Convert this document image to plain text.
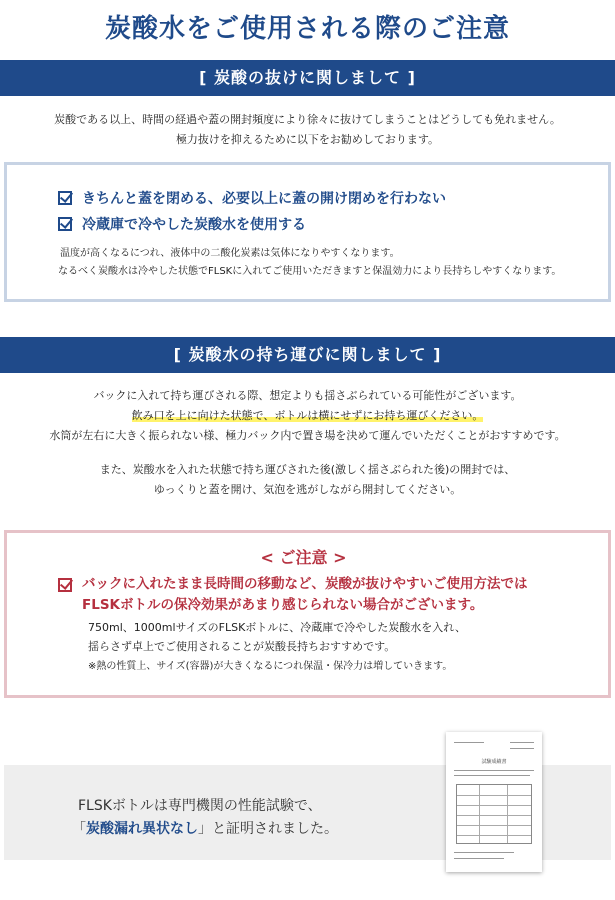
炭酸水をご使用される際のご注意
[ 炭酸の抜けに関しまして ]
炭酸である以上、時間の経過や蓋の開封頻度により徐々に抜けてしまうことはどうしても免れません。
極力抜けを抑えるために以下をお勧めしております。
きちんと蓋を閉める、必要以上に蓋の開け閉めを行わない
冷蔵庫で冷やした炭酸水を使用する
温度が高くなるにつれ、液体中の二酸化炭素は気体になりやすくなります。
なるべく炭酸水は冷やした状態でFLSKに入れてご使用いただきますと保温効力により長持ちしやすくなります。
[ 炭酸水の持ち運びに関しまして ]
バックに入れて持ち運びされる際、想定よりも揺さぶられている可能性がございます。
飲み口を上に向けた状態で、ボトルは横にせずにお持ち運びください。
水筒が左右に大きく振られない様、極力バック内で置き場を決めて運んでいただくことがおすすめです。
また、炭酸水を入れた状態で持ち運びされた後(激しく揺さぶられた後)の開封では、
ゆっくりと蓋を開け、気泡を逃がしながら開封してください。
< ご注意 >
バックに入れたまま長時間の移動など、炭酸が抜けやすいご使用方法では
FLSKボトルの保冷効果があまり感じられない場合がございます。
750ml、1000mlサイズのFLSKボトルに、冷蔵庫で冷やした炭酸水を入れ、
揺らさず卓上でご使用されることが炭酸長持ちおすすめです。
※熱の性質上、サイズ(容器)が大きくなるにつれ保温・保冷力は増していきます。
FLSKボトルは専門機関の性能試験で、
「炭酸漏れ異状なし」と証明されました。
試験成績書
